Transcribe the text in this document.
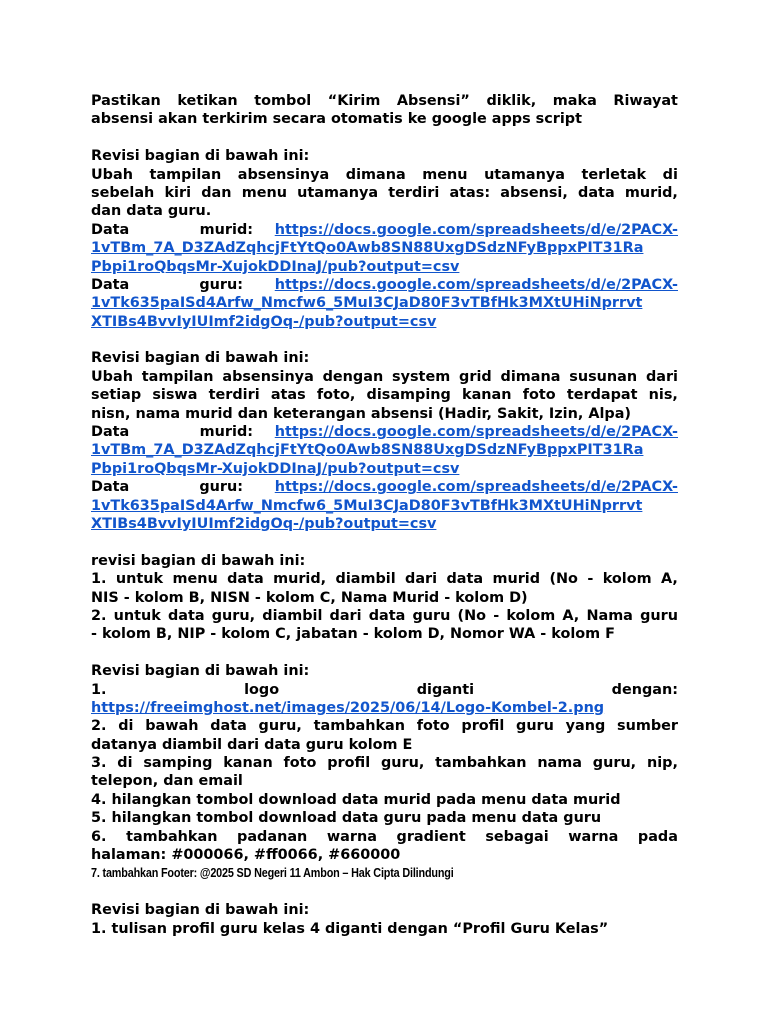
Pastikan ketikan tombol “Kirim Absensi” diklik, maka Riwayat
absensi akan terkirim secara otomatis ke google apps script
Revisi bagian di bawah ini:
Ubah tampilan absensinya dimana menu utamanya terletak di
sebelah kiri dan menu utamanya terdiri atas: absensi, data murid,
dan data guru.
Data	murid: https://docs.google.com/spreadsheets/d/e/2PACX-
1vTBm_7A_D3ZAdZqhcjFtYtQo0Awb8SN88UxgDSdzNFyBppxPIT31Ra
Pbpi1roQbqsMr-XujokDDInaJ/pub?output=csv
Data	guru: https://docs.google.com/spreadsheets/d/e/2PACX-
1vTk635paISd4Arfw_Nmcfw6_5MuI3CJaD80F3vTBfHk3MXtUHiNprrvt
XTIBs4BvvIyIUImf2idgOq-/pub?output=csv
Revisi bagian di bawah ini:
Ubah tampilan absensinya dengan system grid dimana susunan dari
setiap siswa terdiri atas foto, disamping kanan foto terdapat nis,
nisn, nama murid dan keterangan absensi (Hadir, Sakit, Izin, Alpa)
Data	murid: https://docs.google.com/spreadsheets/d/e/2PACX-
1vTBm_7A_D3ZAdZqhcjFtYtQo0Awb8SN88UxgDSdzNFyBppxPIT31Ra
Pbpi1roQbqsMr-XujokDDInaJ/pub?output=csv
Data	guru: https://docs.google.com/spreadsheets/d/e/2PACX-
1vTk635paISd4Arfw_Nmcfw6_5MuI3CJaD80F3vTBfHk3MXtUHiNprrvt
XTIBs4BvvIyIUImf2idgOq-/pub?output=csv
revisi bagian di bawah ini:
1. untuk menu data murid, diambil dari data murid (No - kolom A,
NIS - kolom B, NISN - kolom C, Nama Murid - kolom D)
2. untuk data guru, diambil dari data guru (No - kolom A, Nama guru
- kolom B, NIP - kolom C, jabatan - kolom D, Nomor WA - kolom F
Revisi bagian di bawah ini:
1.	logo	diganti	dengan:
https://freeimghost.net/images/2025/06/14/Logo-Kombel-2.png
2. di bawah data guru, tambahkan foto profil guru yang sumber
datanya diambil dari data guru kolom E
3. di samping kanan foto profil guru, tambahkan nama guru, nip,
telepon, dan email
4. hilangkan tombol download data murid pada menu data murid
5. hilangkan tombol download data guru pada menu data guru
6. tambahkan padanan warna gradient sebagai warna pada
halaman: #000066, #ff0066, #660000
7. tambahkan Footer: @2025 SD Negeri 11 Ambon – Hak Cipta Dilindungi
Revisi bagian di bawah ini:
1. tulisan profil guru kelas 4 diganti dengan “Profil Guru Kelas”
